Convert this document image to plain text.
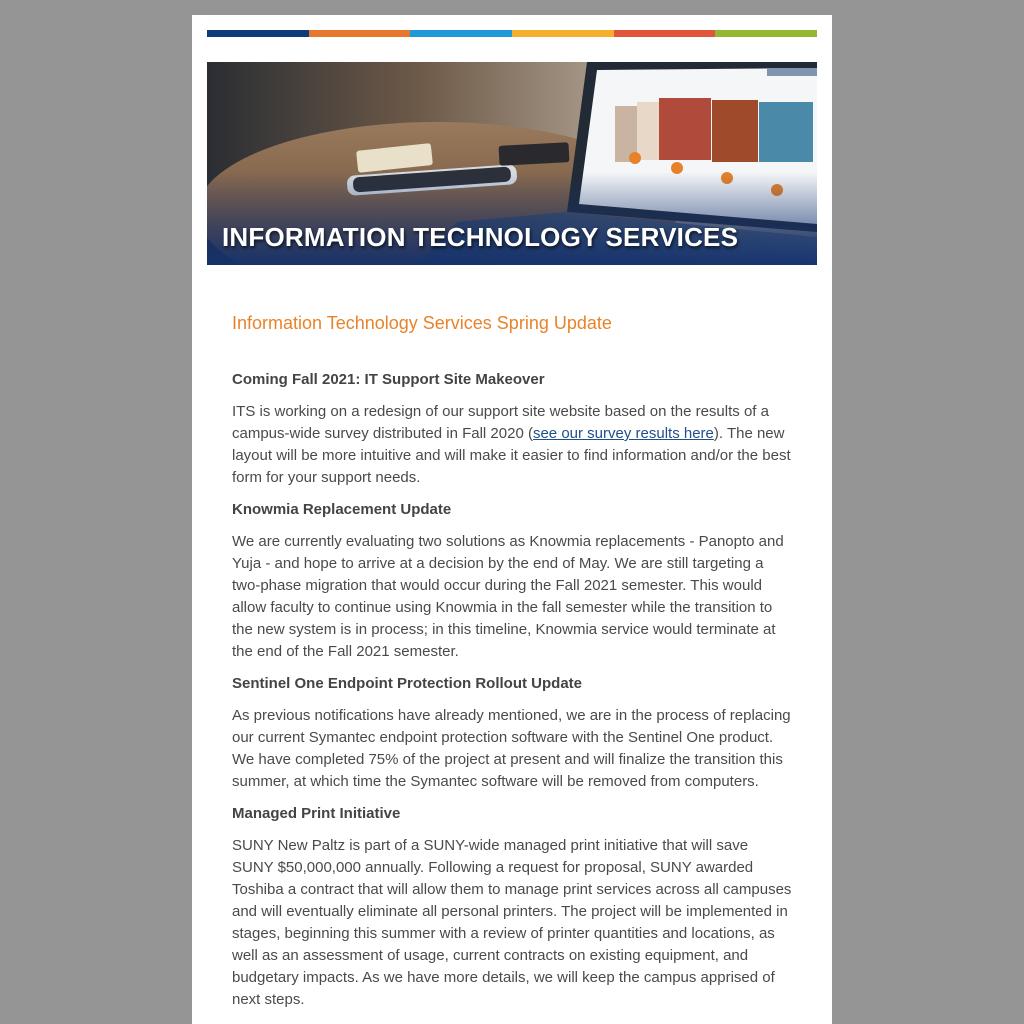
INFORMATION TECHNOLOGY SERVICES
Information Technology Services Spring Update
Coming Fall 2021: IT Support Site Makeover

ITS is working on a redesign of our support site website based on the results of a campus-wide survey distributed in Fall 2020 (see our survey results here). The new layout will be more intuitive and will make it easier to find information and/or the best form for your support needs.

Knowmia Replacement Update

We are currently evaluating two solutions as Knowmia replacements - Panopto and Yuja - and hope to arrive at a decision by the end of May. We are still targeting a two-phase migration that would occur during the Fall 2021 semester. This would allow faculty to continue using Knowmia in the fall semester while the transition to the new system is in process; in this timeline, Knowmia service would terminate at the end of the Fall 2021 semester.

Sentinel One Endpoint Protection Rollout Update

As previous notifications have already mentioned, we are in the process of replacing our current Symantec endpoint protection software with the Sentinel One product. We have completed 75% of the project at present and will finalize the transition this summer, at which time the Symantec software will be removed from computers.

Managed Print Initiative

SUNY New Paltz is part of a SUNY-wide managed print initiative that will save SUNY $50,000,000 annually. Following a request for proposal, SUNY awarded Toshiba a contract that will allow them to manage print services across all campuses and will eventually eliminate all personal printers. The project will be implemented in stages, beginning this summer with a review of printer quantities and locations, as well as an assessment of usage, current contracts on existing equipment, and budgetary impacts. As we have more details, we will keep the campus apprised of next steps.
